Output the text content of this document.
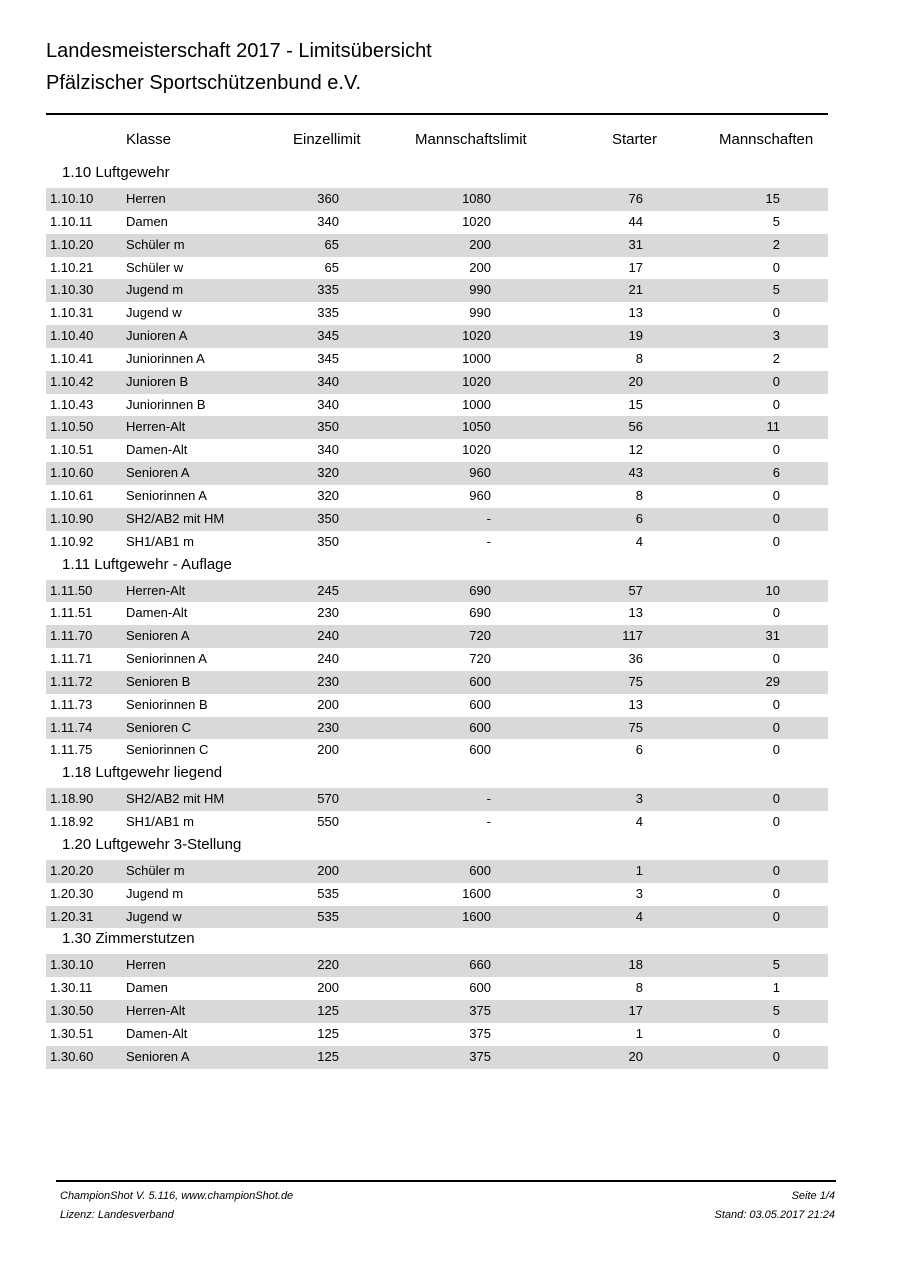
Landesmeisterschaft 2017 - Limitsübersicht
Pfälzischer Sportschützenbund e.V.
Klasse	Einzellimit	Mannschaftslimit	Starter	Mannschaften
1.10 Luftgewehr
1.10.10	Herren	360	1080	76	15
1.10.11	Damen	340	1020	44	5
1.10.20	Schüler m	65	200	31	2
1.10.21	Schüler w	65	200	17	0
1.10.30	Jugend m	335	990	21	5
1.10.31	Jugend w	335	990	13	0
1.10.40	Junioren A	345	1020	19	3
1.10.41	Juniorinnen A	345	1000	8	2
1.10.42	Junioren B	340	1020	20	0
1.10.43	Juniorinnen B	340	1000	15	0
1.10.50	Herren-Alt	350	1050	56	11
1.10.51	Damen-Alt	340	1020	12	0
1.10.60	Senioren A	320	960	43	6
1.10.61	Seniorinnen A	320	960	8	0
1.10.90	SH2/AB2 mit HM	350	-	6	0
1.10.92	SH1/AB1 m	350	-	4	0
1.11 Luftgewehr - Auflage
1.11.50	Herren-Alt	245	690	57	10
1.11.51	Damen-Alt	230	690	13	0
1.11.70	Senioren A	240	720	117	31
1.11.71	Seniorinnen A	240	720	36	0
1.11.72	Senioren B	230	600	75	29
1.11.73	Seniorinnen B	200	600	13	0
1.11.74	Senioren C	230	600	75	0
1.11.75	Seniorinnen C	200	600	6	0
1.18 Luftgewehr liegend
1.18.90	SH2/AB2 mit HM	570	-	3	0
1.18.92	SH1/AB1 m	550	-	4	0
1.20 Luftgewehr 3-Stellung
1.20.20	Schüler m	200	600	1	0
1.20.30	Jugend m	535	1600	3	0
1.20.31	Jugend w	535	1600	4	0
1.30 Zimmerstutzen
1.30.10	Herren	220	660	18	5
1.30.11	Damen	200	600	8	1
1.30.50	Herren-Alt	125	375	17	5
1.30.51	Damen-Alt	125	375	1	0
1.30.60	Senioren A	125	375	20	0
ChampionShot V. 5.116, www.championShot.de
Lizenz: Landesverband
Seite 1/4
Stand: 03.05.2017 21:24
